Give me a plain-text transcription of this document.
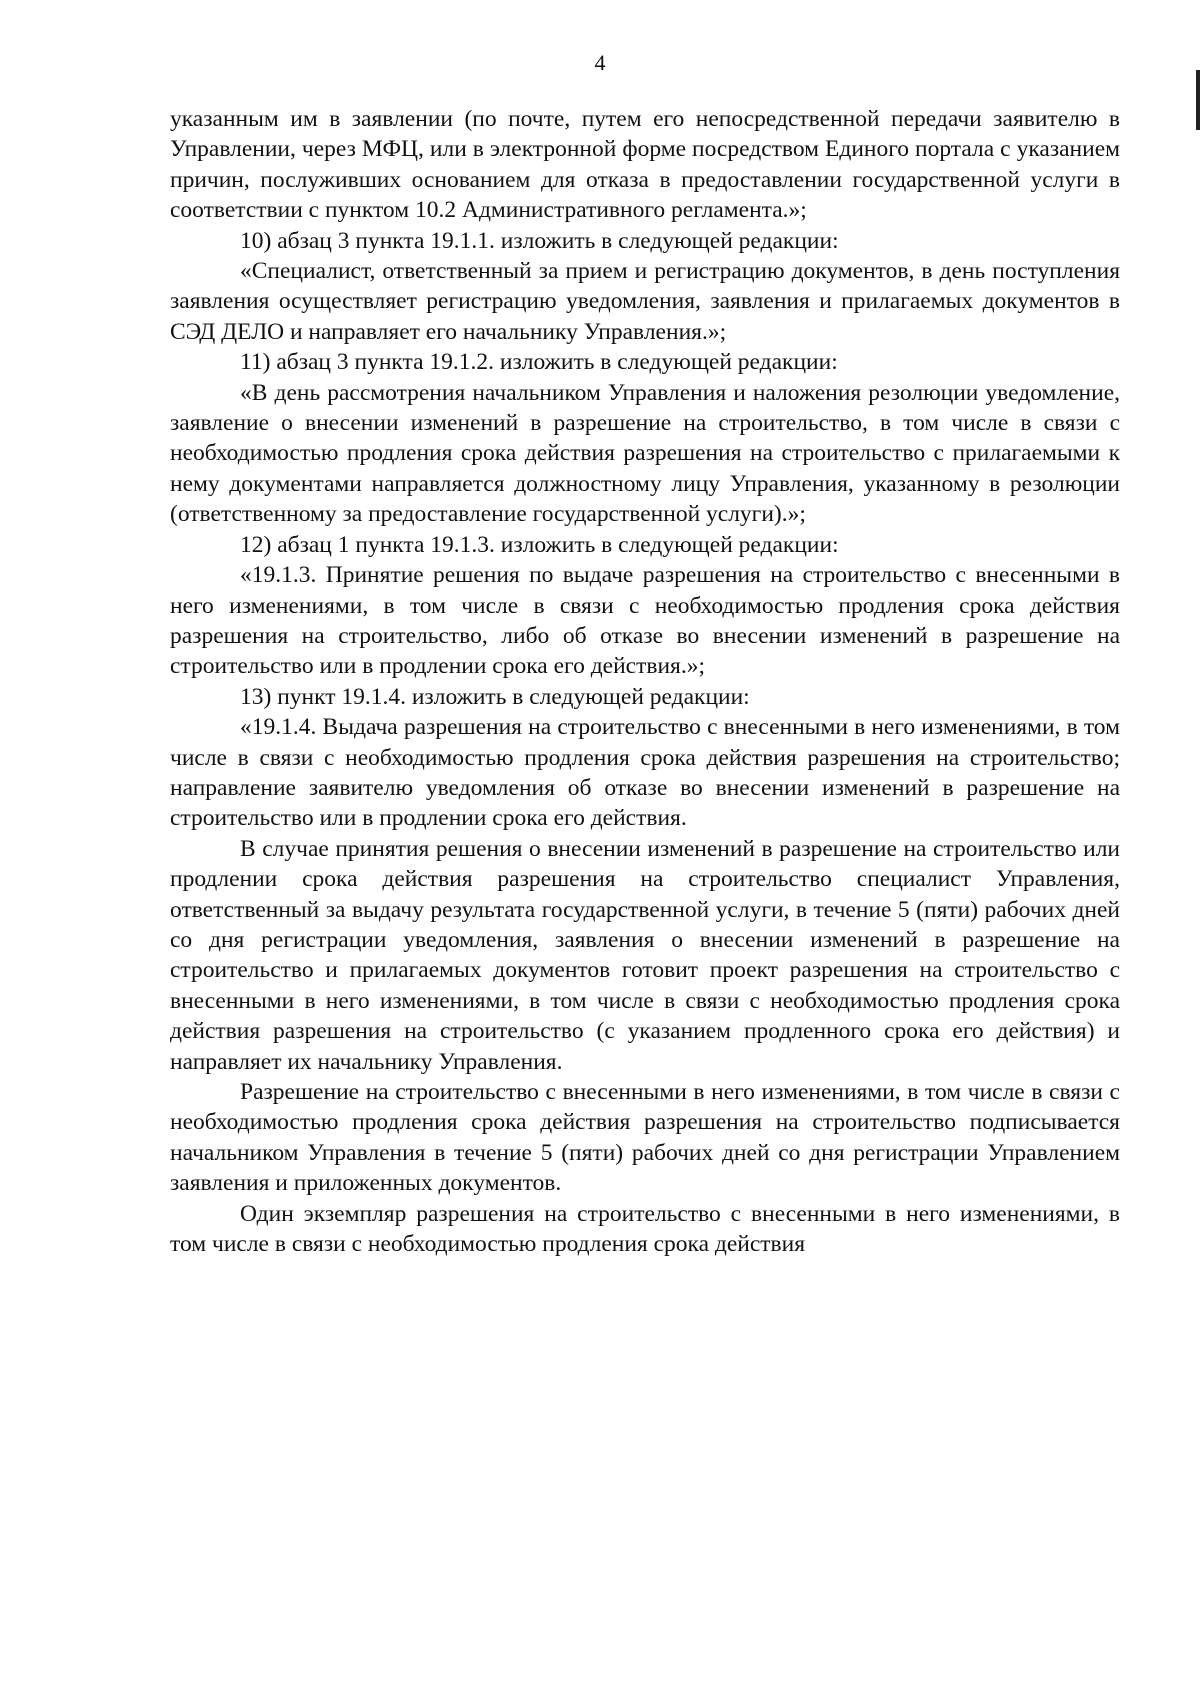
4

указанным им в заявлении (по почте, путем его непосредственной передачи заявителю в Управлении, через МФЦ, или в электронной форме посредством Единого портала с указанием причин, послуживших основанием для отказа в предоставлении государственной услуги в соответствии с пунктом 10.2 Административного регламента.»;

10) абзац 3 пункта 19.1.1. изложить в следующей редакции:

«Специалист, ответственный за прием и регистрацию документов, в день поступления заявления осуществляет регистрацию уведомления, заявления и прилагаемых документов в СЭД ДЕЛО и направляет его начальнику Управления.»;

11) абзац 3 пункта 19.1.2. изложить в следующей редакции:

«В день рассмотрения начальником Управления и наложения резолюции уведомление, заявление о внесении изменений в разрешение на строительство, в том числе в связи с необходимостью продления срока действия разрешения на строительство с прилагаемыми к нему документами направляется должностному лицу Управления, указанному в резолюции (ответственному за предоставление государственной услуги).»;

12) абзац 1 пункта 19.1.3. изложить в следующей редакции:

«19.1.3. Принятие решения по выдаче разрешения на строительство с внесенными в него изменениями, в том числе в связи с необходимостью продления срока действия разрешения на строительство, либо об отказе во внесении изменений в разрешение на строительство или в продлении срока его действия.»;

13) пункт 19.1.4. изложить в следующей редакции:

«19.1.4. Выдача разрешения на строительство с внесенными в него изменениями, в том числе в связи с необходимостью продления срока действия разрешения на строительство; направление заявителю уведомления об отказе во внесении изменений в разрешение на строительство или в продлении срока его действия.

В случае принятия решения о внесении изменений в разрешение на строительство или продлении срока действия разрешения на строительство специалист Управления, ответственный за выдачу результата государственной услуги, в течение 5 (пяти) рабочих дней со дня регистрации уведомления, заявления о внесении изменений в разрешение на строительство и прилагаемых документов готовит проект разрешения на строительство с внесенными в него изменениями, в том числе в связи с необходимостью продления срока действия разрешения на строительство (с указанием продленного срока его действия) и направляет их начальнику Управления.

Разрешение на строительство с внесенными в него изменениями, в том числе в связи с необходимостью продления срока действия разрешения на строительство подписывается начальником Управления в течение 5 (пяти) рабочих дней со дня регистрации Управлением заявления и приложенных документов.

Один экземпляр разрешения на строительство с внесенными в него изменениями, в том числе в связи с необходимостью продления срока действия
